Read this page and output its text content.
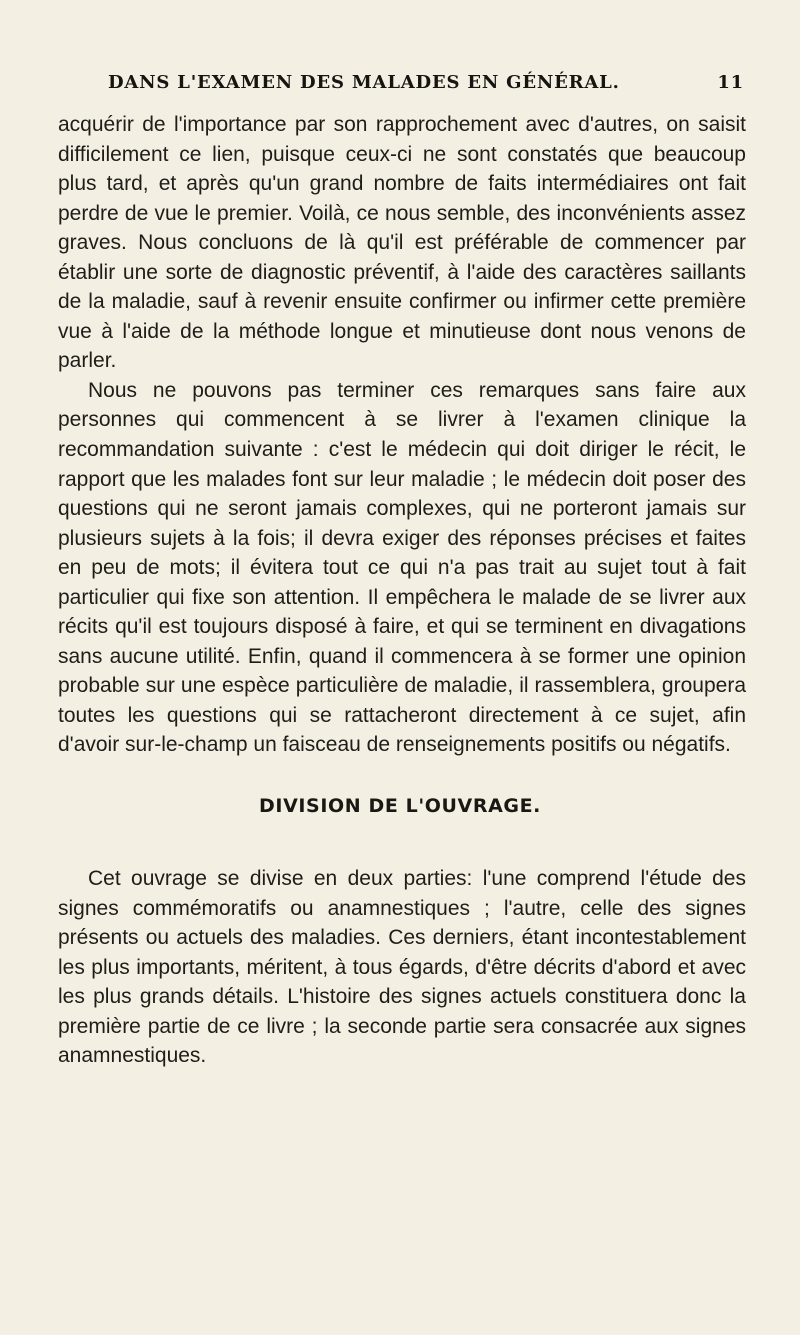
DANS L'EXAMEN DES MALADES EN GÉNÉRAL.	11

acquérir de l'importance par son rapprochement avec d'autres, on saisit difficilement ce lien, puisque ceux-ci ne sont constatés que beaucoup plus tard, et après qu'un grand nombre de faits intermédiaires ont fait perdre de vue le premier. Voilà, ce nous semble, des inconvénients assez graves. Nous concluons de là qu'il est préférable de commencer par établir une sorte de diagnostic préventif, à l'aide des caractères saillants de la maladie, sauf à revenir ensuite confirmer ou infirmer cette première vue à l'aide de la méthode longue et minutieuse dont nous venons de parler.

Nous ne pouvons pas terminer ces remarques sans faire aux personnes qui commencent à se livrer à l'examen clinique la recommandation suivante : c'est le médecin qui doit diriger le récit, le rapport que les malades font sur leur maladie ; le médecin doit poser des questions qui ne seront jamais complexes, qui ne porteront jamais sur plusieurs sujets à la fois; il devra exiger des réponses précises et faites en peu de mots; il évitera tout ce qui n'a pas trait au sujet tout à fait particulier qui fixe son attention. Il empêchera le malade de se livrer aux récits qu'il est toujours disposé à faire, et qui se terminent en divagations sans aucune utilité. Enfin, quand il commencera à se former une opinion probable sur une espèce particulière de maladie, il rassemblera, groupera toutes les questions qui se rattacheront directement à ce sujet, afin d'avoir sur-le-champ un faisceau de renseignements positifs ou négatifs.

DIVISION DE L'OUVRAGE.

Cet ouvrage se divise en deux parties: l'une comprend l'étude des signes commémoratifs ou anamnestiques ; l'autre, celle des signes présents ou actuels des maladies. Ces derniers, étant incontestablement les plus importants, méritent, à tous égards, d'être décrits d'abord et avec les plus grands détails. L'histoire des signes actuels constituera donc la première partie de ce livre ; la seconde partie sera consacrée aux signes anamnestiques.
